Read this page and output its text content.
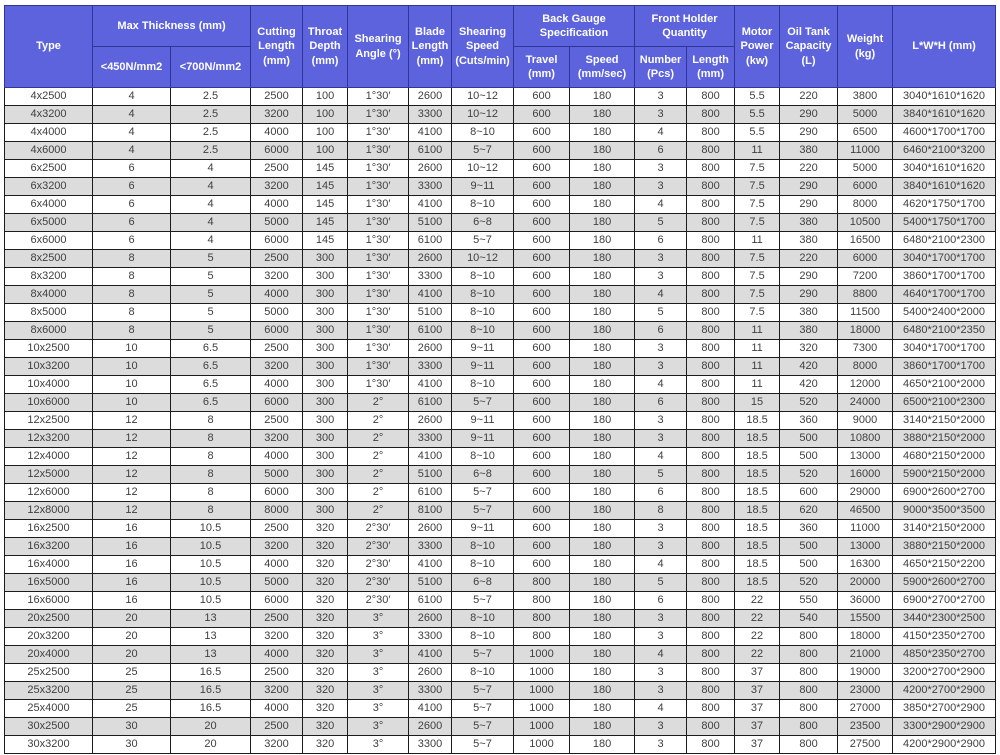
Type	Max Thickness (mm)		Cutting Length (mm)	Throat Depth (mm)	Shearing Angle (°)	Blade Length (mm)	Shearing Speed (Cuts/min)	Back Gauge Specification		Front Holder Quantity		Motor Power (kw)	Oil Tank Capacity (L)	Weight (kg)	L*W*H (mm)
	<450N/mm2	<700N/mm2						Travel (mm)	Speed (mm/sec)	Number (Pcs)	Length (mm)				
4x2500	4	2.5	2500	100	1°30′	2600	10~12	600	180	3	800	5.5	220	3800	3040*1610*1620
4x3200	4	2.5	3200	100	1°30′	3300	10~12	600	180	3	800	5.5	290	5000	3840*1610*1620
4x4000	4	2.5	4000	100	1°30′	4100	8~10	600	180	4	800	5.5	290	6500	4600*1700*1700
4x6000	4	2.5	6000	100	1°30′	6100	5~7	600	180	6	800	11	380	11000	6460*2100*3200
6x2500	6	4	2500	145	1°30′	2600	10~12	600	180	3	800	7.5	220	5000	3040*1610*1620
6x3200	6	4	3200	145	1°30′	3300	9~11	600	180	3	800	7.5	290	6000	3840*1610*1620
6x4000	6	4	4000	145	1°30′	4100	8~10	600	180	4	800	7.5	290	8000	4620*1750*1700
6x5000	6	4	5000	145	1°30′	5100	6~8	600	180	5	800	7.5	380	10500	5400*1750*1700
6x6000	6	4	6000	145	1°30′	6100	5~7	600	180	6	800	11	380	16500	6480*2100*2300
8x2500	8	5	2500	300	1°30′	2600	10~12	600	180	3	800	7.5	220	6000	3040*1700*1700
8x3200	8	5	3200	300	1°30′	3300	8~10	600	180	3	800	7.5	290	7200	3860*1700*1700
8x4000	8	5	4000	300	1°30′	4100	8~10	600	180	4	800	7.5	290	8800	4640*1700*1700
8x5000	8	5	5000	300	1°30′	5100	8~10	600	180	5	800	7.5	380	11500	5400*2400*2000
8x6000	8	5	6000	300	1°30′	6100	8~10	600	180	6	800	11	380	18000	6480*2100*2350
10x2500	10	6.5	2500	300	1°30′	2600	9~11	600	180	3	800	11	320	7300	3040*1700*1700
10x3200	10	6.5	3200	300	1°30′	3300	9~11	600	180	3	800	11	420	8000	3860*1700*1700
10x4000	10	6.5	4000	300	1°30′	4100	8~10	600	180	4	800	11	420	12000	4650*2100*2000
10x6000	10	6.5	6000	300	2°	6100	5~7	600	180	6	800	15	520	24000	6500*2100*2300
12x2500	12	8	2500	300	2°	2600	9~11	600	180	3	800	18.5	360	9000	3140*2150*2000
12x3200	12	8	3200	300	2°	3300	9~11	600	180	3	800	18.5	500	10800	3880*2150*2000
12x4000	12	8	4000	300	2°	4100	8~10	600	180	4	800	18.5	500	13000	4680*2150*2000
12x5000	12	8	5000	300	2°	5100	6~8	600	180	5	800	18.5	520	16000	5900*2150*2000
12x6000	12	8	6000	300	2°	6100	5~7	600	180	6	800	18.5	600	29000	6900*2600*2700
12x8000	12	8	8000	300	2°	8100	5~7	600	180	8	800	18.5	620	46500	9000*3500*3500
16x2500	16	10.5	2500	320	2°30′	2600	9~11	600	180	3	800	18.5	360	11000	3140*2150*2000
16x3200	16	10.5	3200	320	2°30′	3300	8~10	600	180	3	800	18.5	500	13000	3880*2150*2000
16x4000	16	10.5	4000	320	2°30′	4100	8~10	600	180	4	800	18.5	500	16300	4650*2150*2200
16x5000	16	10.5	5000	320	2°30′	5100	6~8	800	180	5	800	18.5	520	20000	5900*2600*2700
16x6000	16	10.5	6000	320	2°30′	6100	5~7	800	180	6	800	22	550	36000	6900*2700*2700
20x2500	20	13	2500	320	3°	2600	8~10	800	180	3	800	22	540	15500	3440*2300*2500
20x3200	20	13	3200	320	3°	3300	8~10	800	180	3	800	22	800	18000	4150*2350*2700
20x4000	20	13	4000	320	3°	4100	5~7	1000	180	4	800	22	800	21000	4850*2350*2700
25x2500	25	16.5	2500	320	3°	2600	8~10	1000	180	3	800	37	800	19000	3200*2700*2900
25x3200	25	16.5	3200	320	3°	3300	5~7	1000	180	3	800	37	800	23000	4200*2700*2900
25x4000	25	16.5	4000	320	3°	4100	5~7	1000	180	4	800	37	800	27000	3850*2700*2900
30x2500	30	20	2500	320	3°	2600	5~7	1000	180	3	800	37	800	23500	3300*2900*2900
30x3200	30	20	3200	320	3°	3300	5~7	1000	180	3	800	37	800	27500	4200*2900*2900
